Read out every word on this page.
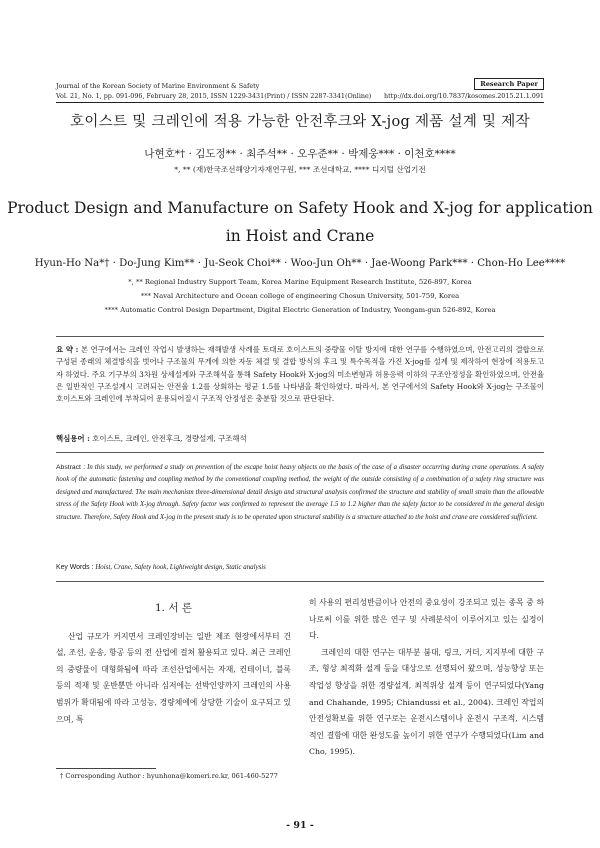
Journal of the Korean Society of Marine Environment & Safety
Vol. 21, No. 1, pp. 091-096, February 28, 2015, ISSN 1229-3431(Print) / ISSN 2287-3341(Online)
Research Paper
http://dx.doi.org/10.7837/kosomes.2015.21.1.091
호이스트 및 크레인에 적용 가능한 안전후크와 X-jog 제품 설계 및 제작
나현호*† · 김도정** · 최주석** · 오우준** · 박제웅*** · 이천호****
*, ** (재)한국조선해양기자재연구원, *** 조선대학교, **** 디지털 산업기전
Product Design and Manufacture on Safety Hook and X-jog for application in Hoist and Crane
Hyun-Ho Na*† · Do-Jung Kim** · Ju-Seok Choi** · Woo-Jun Oh** · Jae-Woong Park*** · Chon-Ho Lee****
*, ** Regional Industry Support Team, Korea Marine Equipment Research Institute, 526-897, Korea
*** Naval Architecture and Ocean college of engineering Chosun University, 501-759, Korea
**** Automatic Control Design Department, Digital Electric Generation of Industry, Yeongam-gun 526-892, Korea
요 약 : 본 연구에서는 크레인 작업시 발생하는 재해발생 사례를 토대로 호이스트의 중량물 이탈 방지에 대한 연구를 수행하였으며, 안전고리의 결합으로 구성된 종래의 체결방식을 벗어나 구조물의 무게에 의한 자동 체결 및 결합 방식의 후크 및 특수목적을 가진 X-jog를 설계 및 제작하여 현장에 적용토고자 하였다. 주요 기구부의 3차원 상세설계와 구조해석을 통해 Safety Hook와 X-jog의 미소변형과 허용응력 이하의 구조안정성을 확인하였으며, 안전율은 일반적인 구조설계시 고려되는 안전율 1.2를 상회하는 평균 1.5를 나타냄을 확인하였다. 따라서, 본 연구에서의 Safety Hook와 X-jog는 구조물이 호이스트와 크레인에 부착되어 운용되어질시 구조적 안정성은 충분할 것으로 판단된다.
핵심용어 : 호이스트, 크레인, 안전후크, 경량설계, 구조해석
Abstract : In this study, we performed a study on prevention of the escape hoist heavy objects on the basis of the case of a disaster occurring during crane operations. A safety hook of the automatic fastening and coupling method by the conventional coupling method, the weight of the outside consisting of a combination of a safety ring structure was designed and manufactured. The main mechanism three-dimensional detail design and structural analysis confirmed the structure and stability of small strain than the allowable stress of the Safety Hook with X-jog through. Safety factor was confirmed to represent the average 1.5 to 1.2 higher than the safety factor to be considered in the general design structure. Therefore, Safety Hook and X-jog in the present study is to be operated upon structural stability is a structure attached to the hoist and crane are considered sufficient.
Key Words : Hoist, Crane, Safety hook, Lightweight design, Static analysis
1. 서 론

산업 규모가 커지면서 크레인장비는 일반 제조 현장에서부터 건설, 조선, 운송, 항공 등의 전 산업에 걸쳐 활용되고 있다. 최근 크레인의 중량물이 대형화됨에 따라 조선산업에서는 자재, 컨테이너, 블록 등의 적재 및 운반뿐만 아니라 심저에는 선박인양까지 크레인의 사용범위가 확대됨에 따라 고성능, 경량체에에 상당한 기술이 요구되고 있으며, 특

히 사용의 편리성반큼이나 안전의 중요성이 강조되고 있는 종목 중 하나로써 이를 위한 많은 연구 및 사례분석이 이루어지고 있는 실정이다.

크레인의 대한 연구는 대부분 붐대, 링크, 거더, 지지부에 대한 구조, 형상 최적화 설계 등을 대상으로 선행되어 왔으며, 성능향상 또는 작업성 향상을 위한 경량설계, 최적위상 설계 등이 연구되었다(Yang and Chahande, 1995; Chiandussi et al., 2004). 크레인 작업의 안전성확보를 위한 연구로는 운전시스템이나 운전시 구조적, 시스템적인 결함에 대한 완성도를 높이기 위한 연구가 수행되었다(Lim and Cho, 1995).

† Corresponding Author : hyunhona@komeri.re.kr, 061-460-5277
- 91 -
